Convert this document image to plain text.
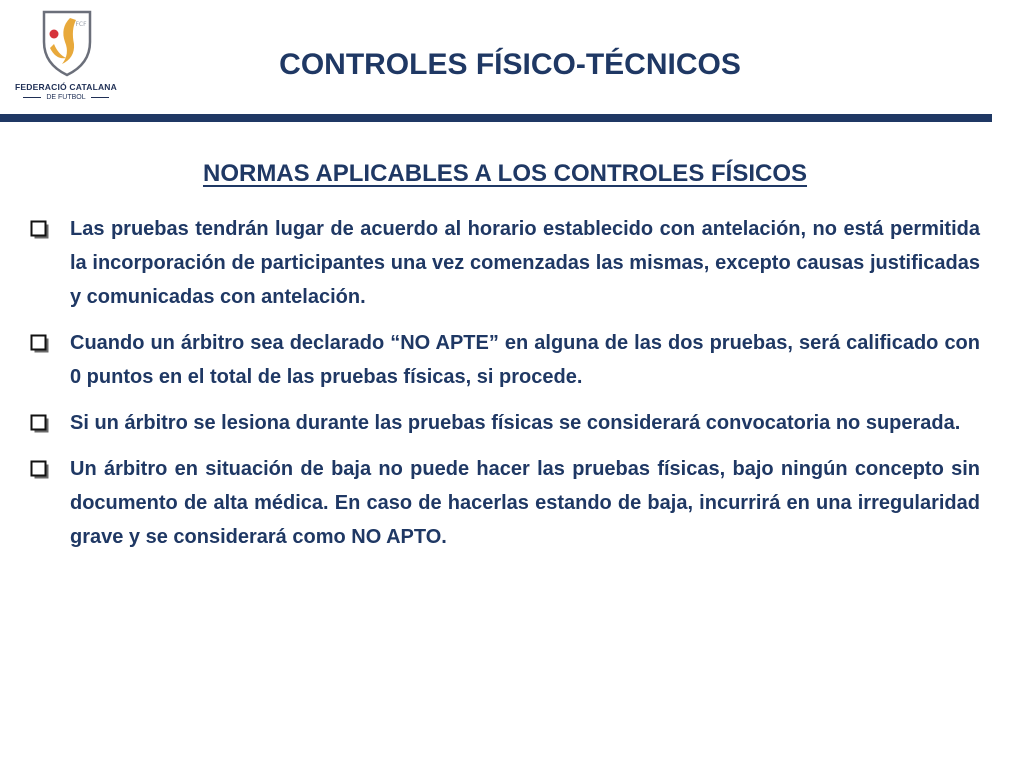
FCF
FEDERACIÓ CATALANA
DE FUTBOL
CONTROLES FÍSICO-TÉCNICOS
NORMAS APLICABLES A LOS CONTROLES FÍSICOS
Las pruebas tendrán lugar de acuerdo al horario establecido con antelación, no está permitida la incorporación de participantes una vez comenzadas las mismas, excepto causas justificadas y comunicadas con antelación.
Cuando un árbitro sea declarado “NO APTE” en alguna de las dos pruebas, será calificado con 0 puntos en el total de las pruebas físicas, si procede.
Si un árbitro se lesiona durante las pruebas físicas se considerará convocatoria no superada.
Un árbitro en situación de baja no puede hacer las pruebas físicas, bajo ningún concepto sin documento de alta médica. En caso de hacerlas estando de baja, incurrirá en una irregularidad grave y se considerará como NO APTO.
